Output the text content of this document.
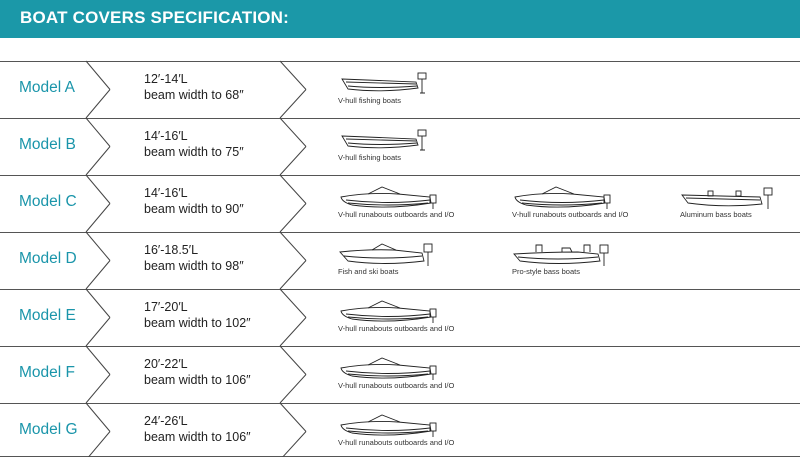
BOAT COVERS SPECIFICATION:
Model A	12′-14′L
beam width to 68″	V-hull fishing boats
Model B	14′-16′L
beam width to 75″	V-hull fishing boats
Model C	14′-16′L
beam width to 90″	V-hull runabouts outboards and I/O	V-hull runabouts outboards and I/O	Aluminum bass boats
Model D	16′-18.5′L
beam width to 98″	Fish and ski boats	Pro-style bass boats
Model E	17′-20′L
beam width to 102″	V-hull runabouts outboards and I/O
Model F	20′-22′L
beam width to 106″	V-hull runabouts outboards and I/O
Model G	24′-26′L
beam width to 106″	V-hull runabouts outboards and I/O
